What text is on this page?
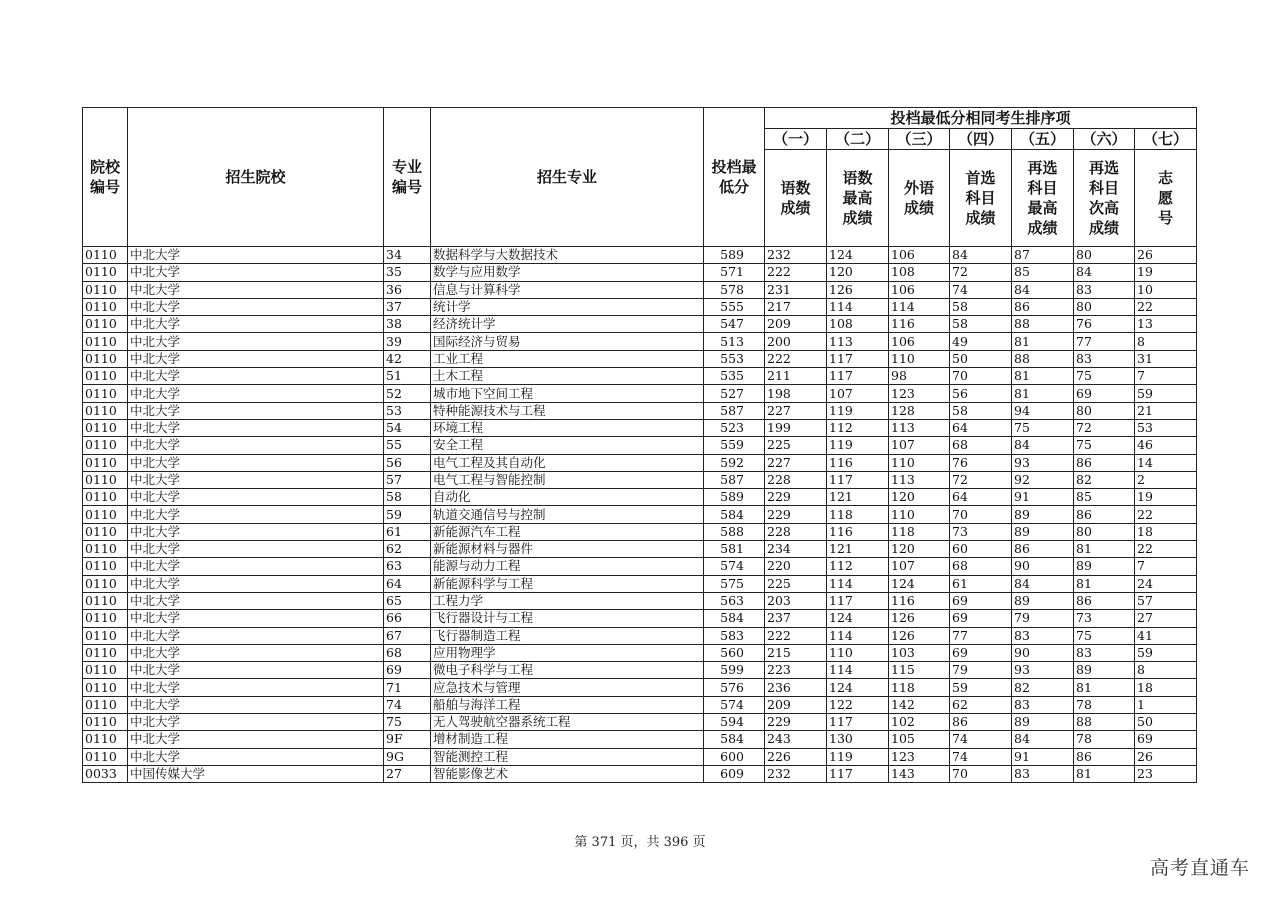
院校编号	招生院校	专业编号	招生专业	投档最低分	投档最低分相同考生排序项						
					（一）	（二）	（三）	（四）	（五）	（六）	（七）
					语数成绩	语数最高成绩	外语成绩	首选科目成绩	再选科目最高成绩	再选科目次高成绩	志愿号
0110	中北大学	34	数据科学与大数据技术	589	232	124	106	84	87	80	26
0110	中北大学	35	数学与应用数学	571	222	120	108	72	85	84	19
0110	中北大学	36	信息与计算科学	578	231	126	106	74	84	83	10
0110	中北大学	37	统计学	555	217	114	114	58	86	80	22
0110	中北大学	38	经济统计学	547	209	108	116	58	88	76	13
0110	中北大学	39	国际经济与贸易	513	200	113	106	49	81	77	8
0110	中北大学	42	工业工程	553	222	117	110	50	88	83	31
0110	中北大学	51	土木工程	535	211	117	98	70	81	75	7
0110	中北大学	52	城市地下空间工程	527	198	107	123	56	81	69	59
0110	中北大学	53	特种能源技术与工程	587	227	119	128	58	94	80	21
0110	中北大学	54	环境工程	523	199	112	113	64	75	72	53
0110	中北大学	55	安全工程	559	225	119	107	68	84	75	46
0110	中北大学	56	电气工程及其自动化	592	227	116	110	76	93	86	14
0110	中北大学	57	电气工程与智能控制	587	228	117	113	72	92	82	2
0110	中北大学	58	自动化	589	229	121	120	64	91	85	19
0110	中北大学	59	轨道交通信号与控制	584	229	118	110	70	89	86	22
0110	中北大学	61	新能源汽车工程	588	228	116	118	73	89	80	18
0110	中北大学	62	新能源材料与器件	581	234	121	120	60	86	81	22
0110	中北大学	63	能源与动力工程	574	220	112	107	68	90	89	7
0110	中北大学	64	新能源科学与工程	575	225	114	124	61	84	81	24
0110	中北大学	65	工程力学	563	203	117	116	69	89	86	57
0110	中北大学	66	飞行器设计与工程	584	237	124	126	69	79	73	27
0110	中北大学	67	飞行器制造工程	583	222	114	126	77	83	75	41
0110	中北大学	68	应用物理学	560	215	110	103	69	90	83	59
0110	中北大学	69	微电子科学与工程	599	223	114	115	79	93	89	8
0110	中北大学	71	应急技术与管理	576	236	124	118	59	82	81	18
0110	中北大学	74	船舶与海洋工程	574	209	122	142	62	83	78	1
0110	中北大学	75	无人驾驶航空器系统工程	594	229	117	102	86	89	88	50
0110	中北大学	9F	增材制造工程	584	243	130	105	74	84	78	69
0110	中北大学	9G	智能测控工程	600	226	119	123	74	91	86	26
0033	中国传媒大学	27	智能影像艺术	609	232	117	143	70	83	81	23
第 371 页，共 396 页
高考直通车
